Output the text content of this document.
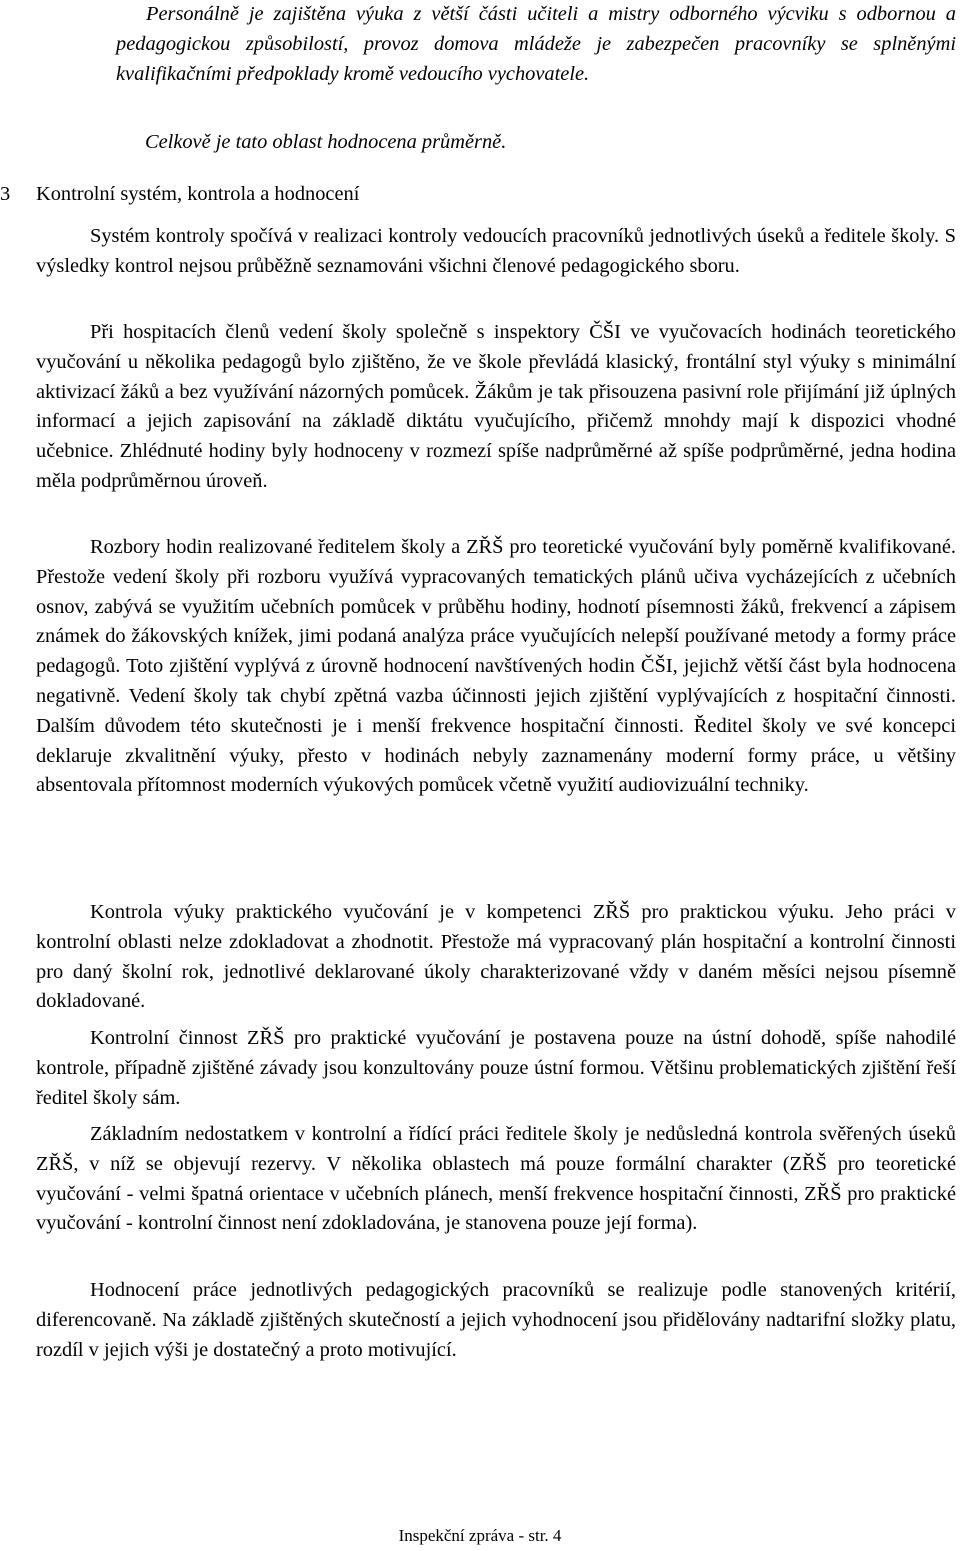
Personálně je zajištěna výuka z větší části učiteli a mistry odborného výcviku s odbornou a pedagogickou způsobilostí, provoz domova mládeže je zabezpečen pracovníky se splněnými kvalifikačními předpoklady kromě vedoucího vychovatele.

Celkově je tato oblast hodnocena průměrně.

3 Kontrolní systém, kontrola a hodnocení

Systém kontroly spočívá v realizaci kontroly vedoucích pracovníků jednotlivých úseků a ředitele školy. S výsledky kontrol nejsou průběžně seznamováni všichni členové pedagogického sboru.

Při hospitacích členů vedení školy společně s inspektory ČŠI ve vyučovacích hodinách teoretického vyučování u několika pedagogů bylo zjištěno, že ve škole převládá klasický, frontální styl výuky s minimální aktivizací žáků a bez využívání názorných pomůcek. Žákům je tak přisouzena pasivní role přijímání již úplných informací a jejich zapisování na základě diktátu vyučujícího, přičemž mnohdy mají k dispozici vhodné učebnice. Zhlédnuté hodiny byly hodnoceny v rozmezí spíše nadprůměrné až spíše podprůměrné, jedna hodina měla podprůměrnou úroveň.

Rozbory hodin realizované ředitelem školy a ZŘŠ pro teoretické vyučování byly poměrně kvalifikované. Přestože vedení školy při rozboru využívá vypracovaných tematických plánů učiva vycházejících z učebních osnov, zabývá se využitím učebních pomůcek v průběhu hodiny, hodnotí písemnosti žáků, frekvencí a zápisem známek do žákovských knížek, jimi podaná analýza práce vyučujících nelepší používané metody a formy práce pedagogů. Toto zjištění vyplývá z úrovně hodnocení navštívených hodin ČŠI, jejichž větší část byla hodnocena negativně. Vedení školy tak chybí zpětná vazba účinnosti jejich zjištění vyplývajících z hospitační činnosti. Dalším důvodem této skutečnosti je i menší frekvence hospitační činnosti. Ředitel školy ve své koncepci deklaruje zkvalitnění výuky, přesto v hodinách nebyly zaznamenány moderní formy práce, u většiny absentovala přítomnost moderních výukových pomůcek včetně využití audiovizuální techniky.

Kontrola výuky praktického vyučování je v kompetenci ZŘŠ pro praktickou výuku. Jeho práci v kontrolní oblasti nelze zdokladovat a zhodnotit. Přestože má vypracovaný plán hospitační a kontrolní činnosti pro daný školní rok, jednotlivé deklarované úkoly charakterizované vždy v daném měsíci nejsou písemně dokladované.

Kontrolní činnost ZŘŠ pro praktické vyučování je postavena pouze na ústní dohodě, spíše nahodilé kontrole, případně zjištěné závady jsou konzultovány pouze ústní formou. Většinu problematických zjištění řeší ředitel školy sám.

Základním nedostatkem v kontrolní a řídící práci ředitele školy je nedůsledná kontrola svěřených úseků ZŘŠ, v níž se objevují rezervy. V několika oblastech má pouze formální charakter (ZŘŠ pro teoretické vyučování - velmi špatná orientace v učebních plánech, menší frekvence hospitační činnosti, ZŘŠ pro praktické vyučování - kontrolní činnost není zdokladována, je stanovena pouze její forma).

Hodnocení práce jednotlivých pedagogických pracovníků se realizuje podle stanovených kritérií, diferencovaně. Na základě zjištěných skutečností a jejich vyhodnocení jsou přidělovány nadtarifní složky platu, rozdíl v jejich výši je dostatečný a proto motivující.

Inspekční zpráva - str. 4
